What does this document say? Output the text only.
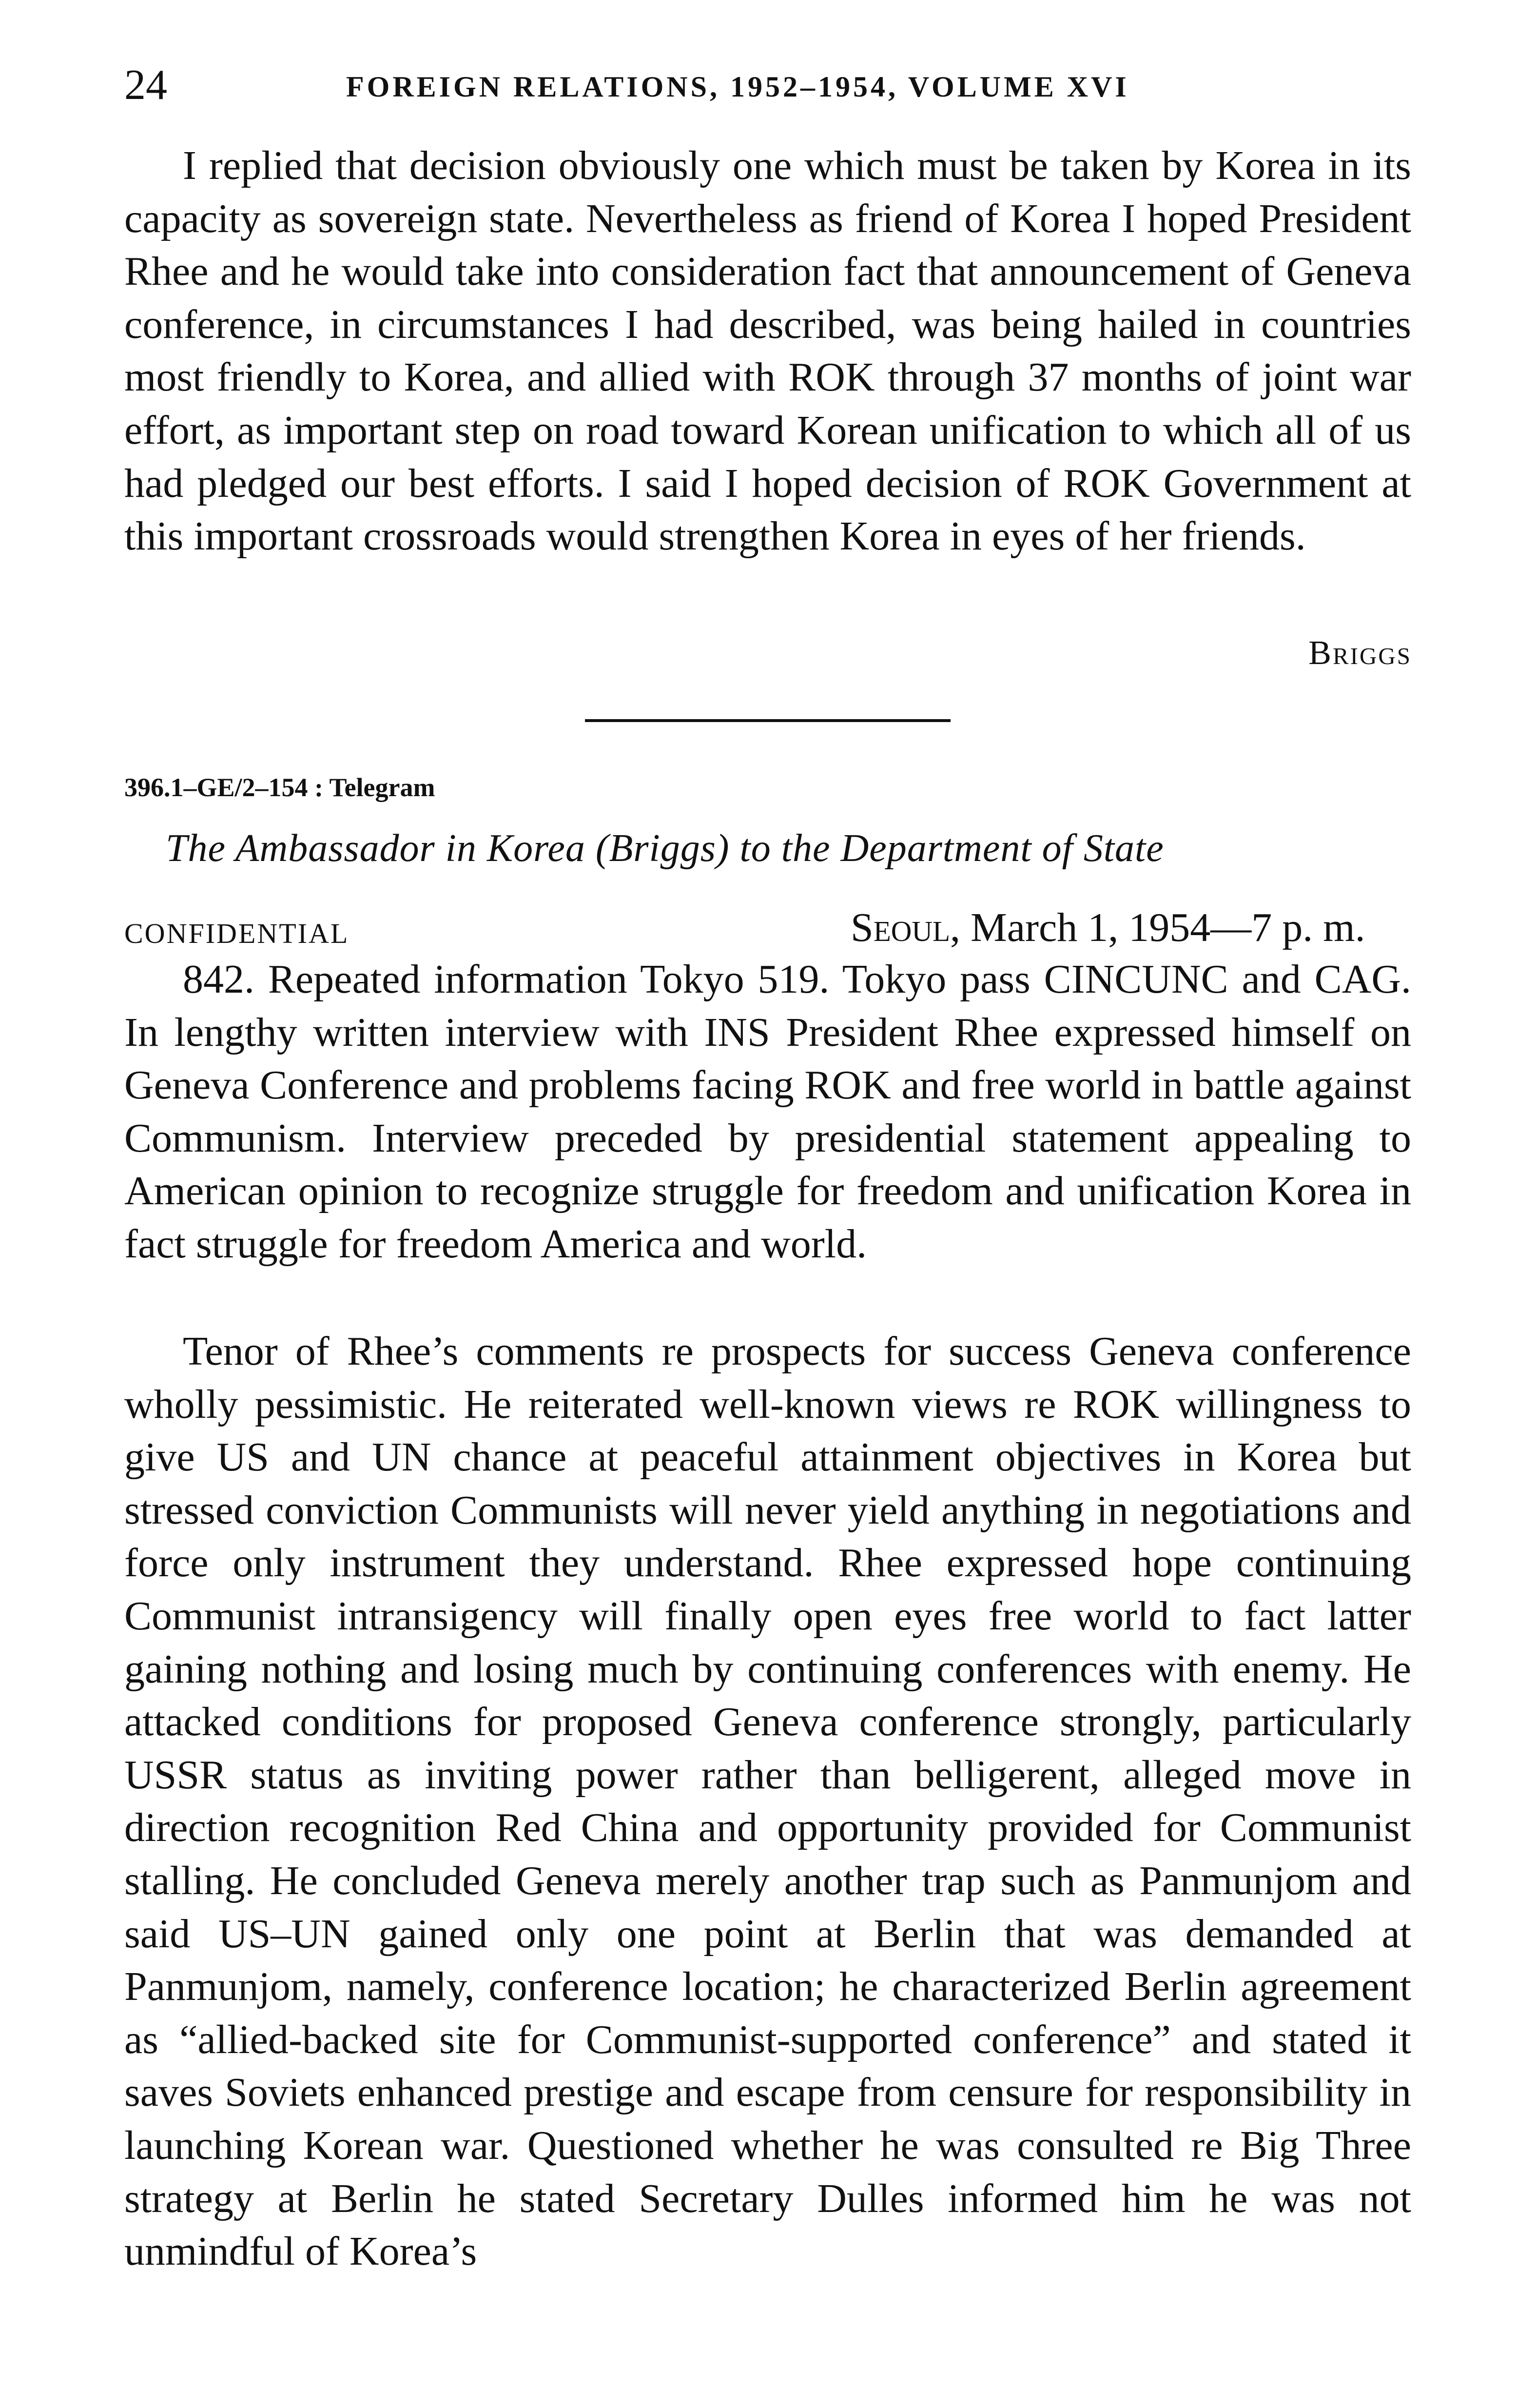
24	FOREIGN RELATIONS, 1952–1954, VOLUME XVI

I replied that decision obviously one which must be taken by Korea in its capacity as sovereign state. Nevertheless as friend of Korea I hoped President Rhee and he would take into consideration fact that announcement of Geneva conference, in circumstances I had described, was being hailed in countries most friendly to Korea, and allied with ROK through 37 months of joint war effort, as important step on road toward Korean unification to which all of us had pledged our best efforts. I said I hoped decision of ROK Government at this important crossroads would strengthen Korea in eyes of her friends.

Briggs
396.1–GE/2–154 : Telegram
The Ambassador in Korea (Briggs) to the Department of State
CONFIDENTIAL	Seoul, March 1, 1954—7 p. m.

842. Repeated information Tokyo 519. Tokyo pass CINCUNC and CAG. In lengthy written interview with INS President Rhee expressed himself on Geneva Conference and problems facing ROK and free world in battle against Communism. Interview preceded by presidential statement appealing to American opinion to recognize struggle for freedom and unification Korea in fact struggle for freedom America and world.

Tenor of Rhee’s comments re prospects for success Geneva conference wholly pessimistic. He reiterated well-known views re ROK willingness to give US and UN chance at peaceful attainment objectives in Korea but stressed conviction Communists will never yield anything in negotiations and force only instrument they understand. Rhee expressed hope continuing Communist intransigency will finally open eyes free world to fact latter gaining nothing and losing much by continuing conferences with enemy. He attacked conditions for proposed Geneva conference strongly, particularly USSR status as inviting power rather than belligerent, alleged move in direction recognition Red China and opportunity provided for Communist stalling. He concluded Geneva merely another trap such as Panmunjom and said US–UN gained only one point at Berlin that was demanded at Panmunjom, namely, conference location; he characterized Berlin agreement as “allied-backed site for Communist-supported conference” and stated it saves Soviets enhanced prestige and escape from censure for responsibility in launching Korean war. Questioned whether he was consulted re Big Three strategy at Berlin he stated Secretary Dulles informed him he was not unmindful of Korea’s
